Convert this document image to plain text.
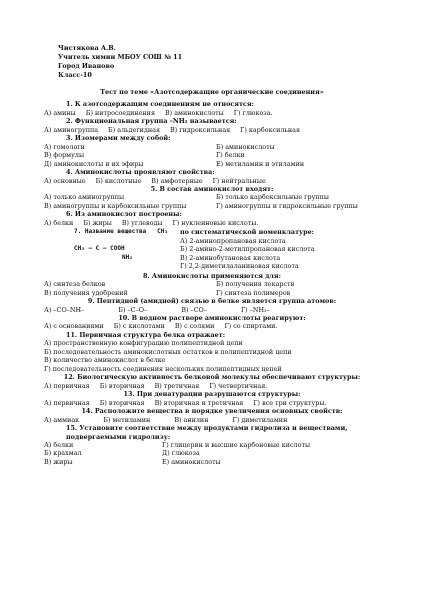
Чистякова А.В.
Учитель химии МБОУ СОШ № 11
Город Иваново
Класс-10
Тест по теме «Азотсодержащие органические соединения»
1. К азотсодержащим соединениям не относятся:
А) амины Б) нитросоединения В) аминокислоты Г) глюкоза.
2. Функциональная группа –NH₂ называется:
А) аминогруппа Б) альдегидная В) гидроксильная Г) карбоксильная
3. Изомерами между собой:
А) гомологи	Б) аминокислоты
В) формулы	Г) белки
Д) аминокислоты и их эфиры	Е) метиламин и этиламин
4. Аминокислоты проявляют свойства:
А) основные Б) кислотные В) амфотерные Г) нейтральные
5. В состав аминокислот входят:
А) только аминогруппы	Б) только карбоксильные группы
В) аминогруппы и карбоксильные группы	Г) аминогруппы и гидроксильные группы
6. Из аминокислот построены:
А) белки Б) жиры В) углеводы Г) нуклеиновые кислоты.
7. Название вещества CH₃
CH₃ – C – COOH
NH₂
по систематической номенклатуре:
А) 2-аминопропановая кислота
Б) 2-амино-2-метилпропановая кислота
В) 2-аминобутановая кислота
Г) 2,2-диметилаланиновая кислота
8. Аминокислоты применяются для:
А) синтеза белков	Б) получения лекарств
В) получения удобрений	Г) синтеза полимеров
9. Пептидной (амидной) связью в белке является группа атомов:
А) –CO–NH–	Б) –C–O–	В) –CO–	Г) –NH₂–
10. В водном растворе аминокислоты реагируют:
А) с основаниями Б) с кислотами В) с солями Г) со спиртами.
11. Первичная структура белка отражает:
А) пространственную конфигурацию полипептидной цепи
Б) последовательность аминокислотных остатков в полипептидной цепи
В) количество аминокислот в белке
Г) последовательность соединения нескольких полипептидных цепей
12. Биологическую активность белковой молекулы обеспечивают структуры:
А) первичная Б) вторичная В) третичная Г) четвертичная.
13. При денатурации разрушаются структуры:
А) первичная Б) вторичная В) вторичная и третичная Г) все три структуры.
14. Расположите вещества в порядке увеличения основных свойств:
А) аммиак	Б) метиламин	В) анилин	Г) диметиламин
15. Установите соответствие между продуктами гидролиза и веществами, подвергаемыми гидролизу:
А) белки	Г) глицерин и высшие карбоновые кислоты
Б) крахмал	Д) глюкоза
В) жиры	Е) аминокислоты
